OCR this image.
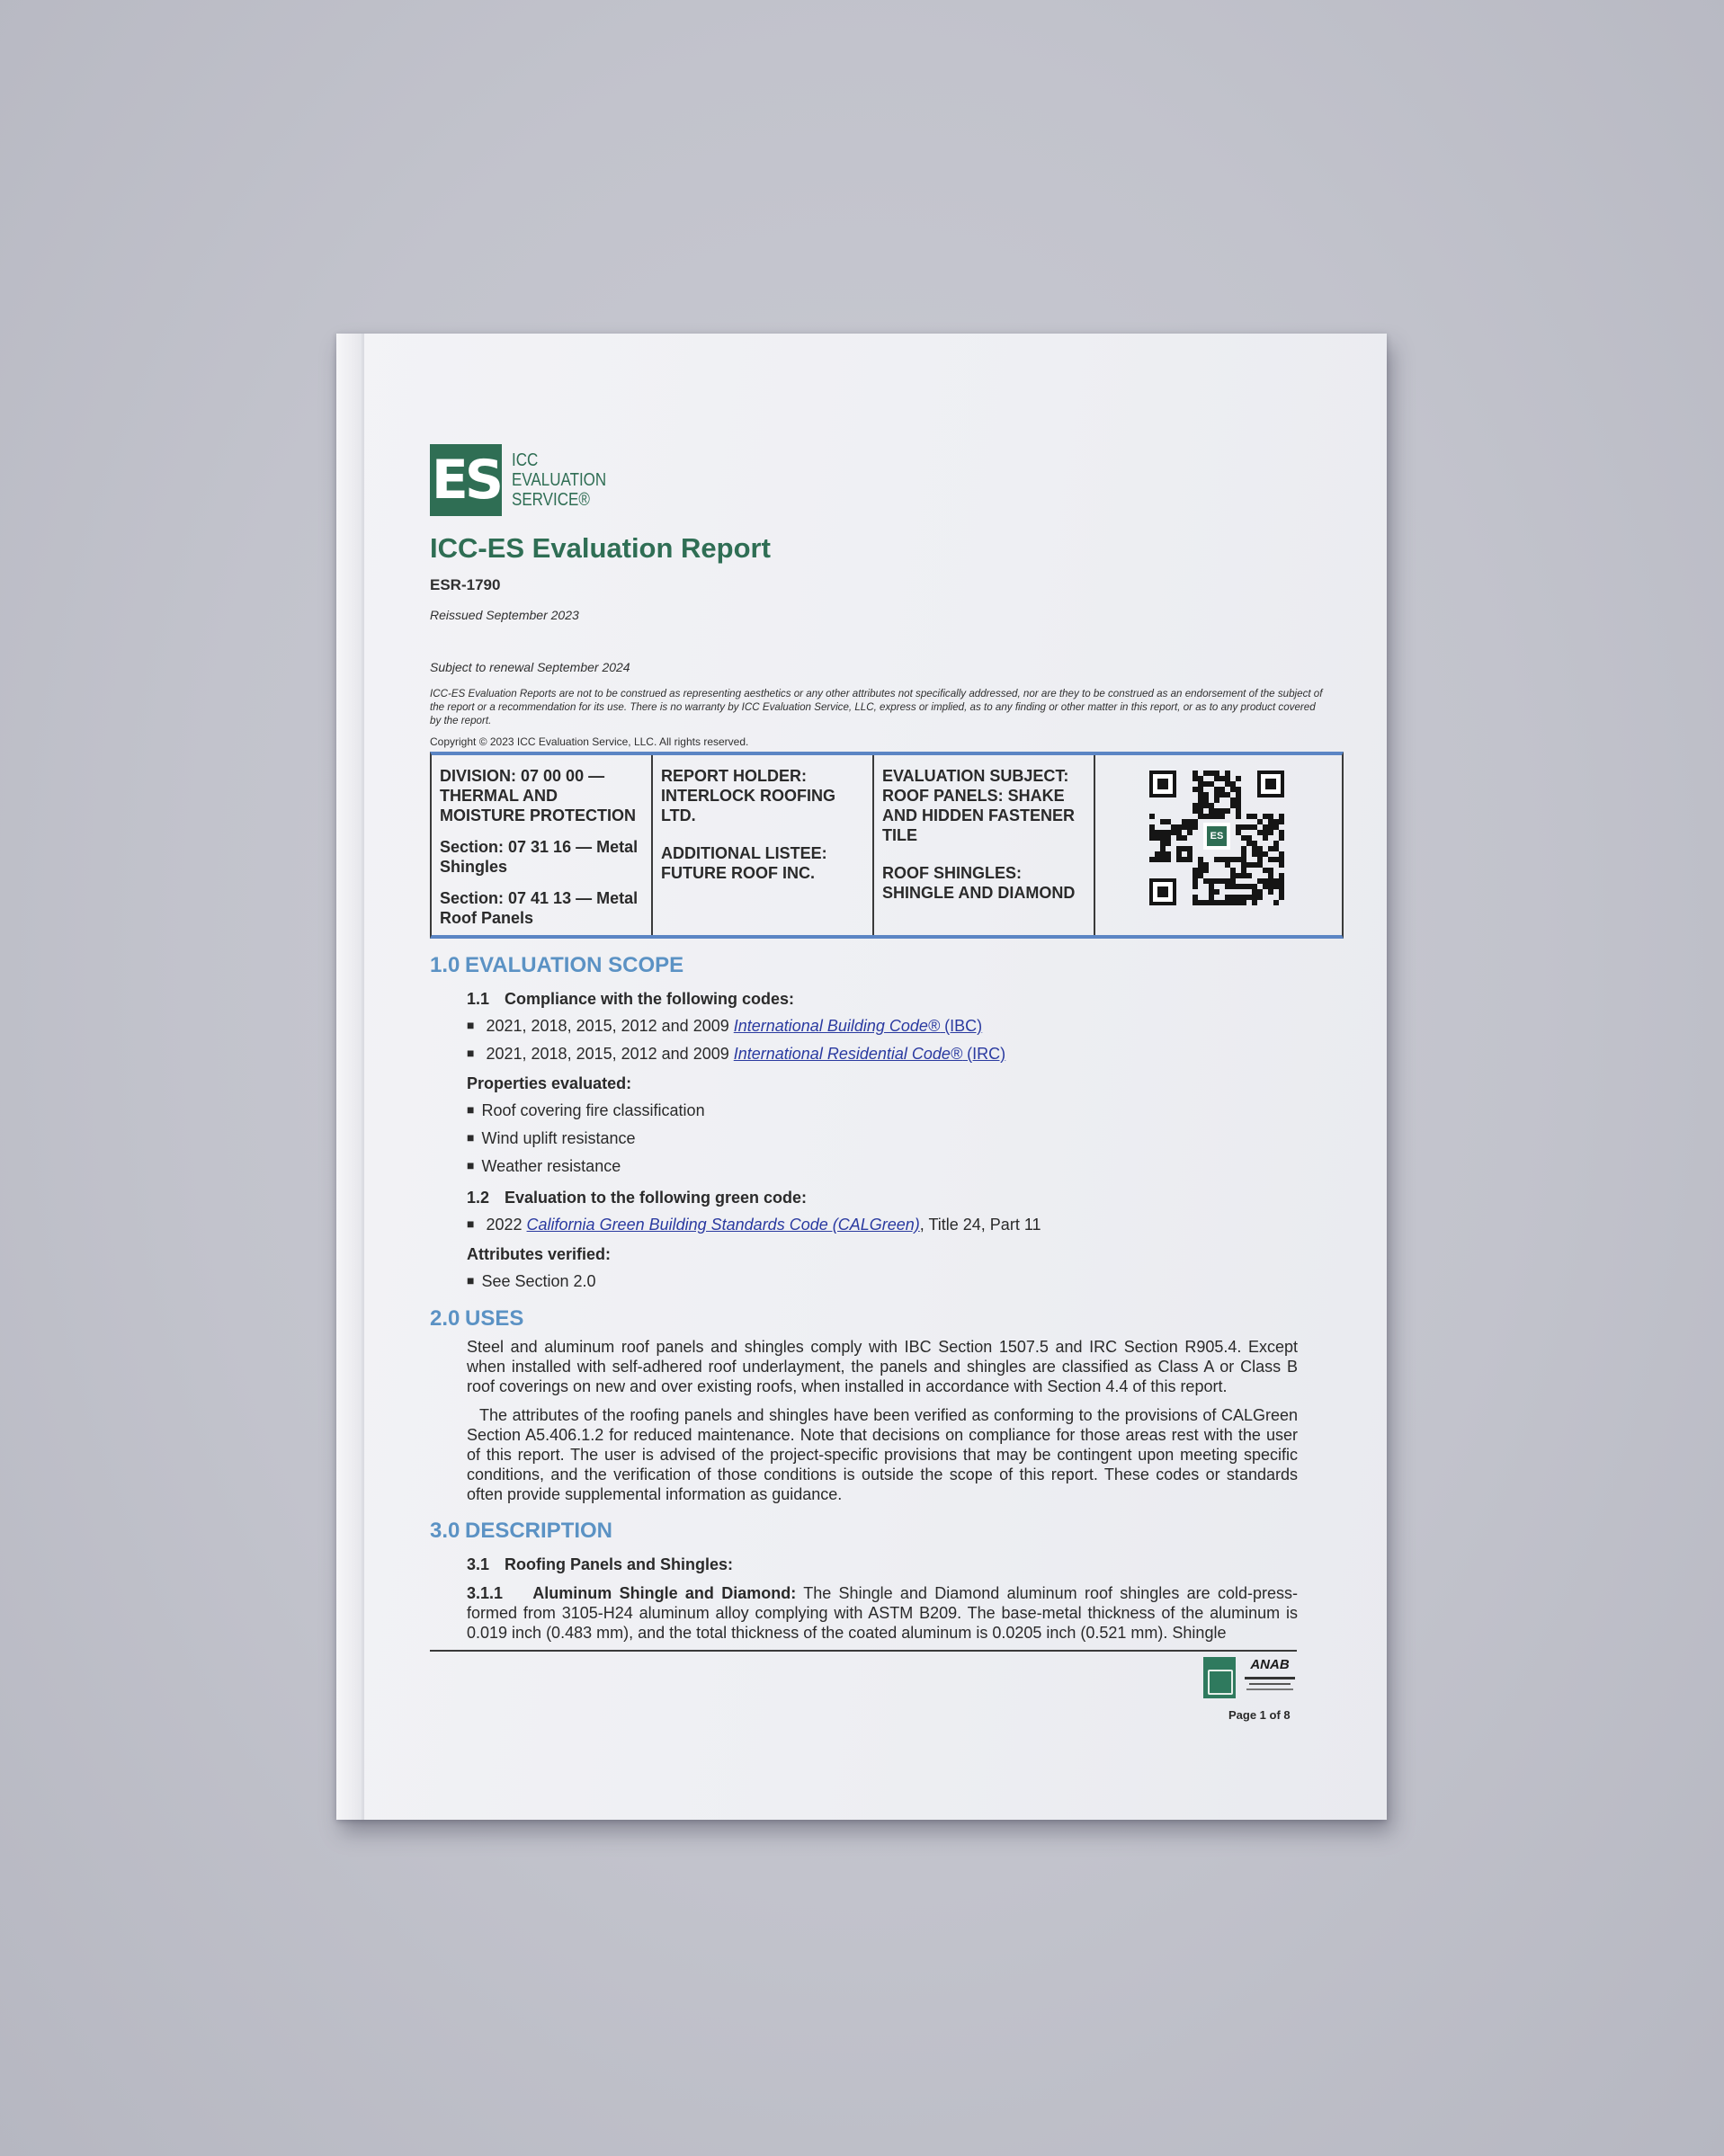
ES ICC
EVALUATION
SERVICE®
ICC-ES Evaluation Report
ESR-1790
Reissued September 2023
Subject to renewal September 2024
ICC-ES Evaluation Reports are not to be construed as representing aesthetics or any other attributes not specifically addressed, nor are they to be construed as an endorsement of the subject of the report or a recommendation for its use. There is no warranty by ICC Evaluation Service, LLC, express or implied, as to any finding or other matter in this report, or as to any product covered by the report.
Copyright © 2023 ICC Evaluation Service, LLC. All rights reserved.

DIVISION: 07 00 00 — THERMAL AND MOISTURE PROTECTION

Section: 07 31 16 — Metal Shingles

Section: 07 41 13 — Metal Roof Panels

REPORT HOLDER: INTERLOCK ROOFING LTD.

ADDITIONAL LISTEE: FUTURE ROOF INC.

EVALUATION SUBJECT: ROOF PANELS: SHAKE AND HIDDEN FASTENER TILE

ROOF SHINGLES: SHINGLE AND DIAMOND

ES
1.0 EVALUATION SCOPE
1.1 Compliance with the following codes:
■ 2021, 2018, 2015, 2012 and 2009 International Building Code® (IBC)
■ 2021, 2018, 2015, 2012 and 2009 International Residential Code® (IRC)
Properties evaluated:
■ Roof covering fire classification
■ Wind uplift resistance
■ Weather resistance
1.2 Evaluation to the following green code:
■ 2022 California Green Building Standards Code (CALGreen), Title 24, Part 11
Attributes verified:
■ See Section 2.0
2.0 USES
Steel and aluminum roof panels and shingles comply with IBC Section 1507.5 and IRC Section R905.4. Except when installed with self-adhered roof underlayment, the panels and shingles are classified as Class A or Class B roof coverings on new and over existing roofs, when installed in accordance with Section 4.4 of this report.
The attributes of the roofing panels and shingles have been verified as conforming to the provisions of CALGreen Section A5.406.1.2 for reduced maintenance. Note that decisions on compliance for those areas rest with the user of this report. The user is advised of the project-specific provisions that may be contingent upon meeting specific conditions, and the verification of those conditions is outside the scope of this report. These codes or standards often provide supplemental information as guidance.
3.0 DESCRIPTION
3.1 Roofing Panels and Shingles:
3.1.1 Aluminum Shingle and Diamond: The Shingle and Diamond aluminum roof shingles are cold-press-formed from 3105-H24 aluminum alloy complying with ASTM B209. The base-metal thickness of the aluminum is 0.019 inch (0.483 mm), and the total thickness of the coated aluminum is 0.0205 inch (0.521 mm). Shingle
ANAB
Page 1 of 8
